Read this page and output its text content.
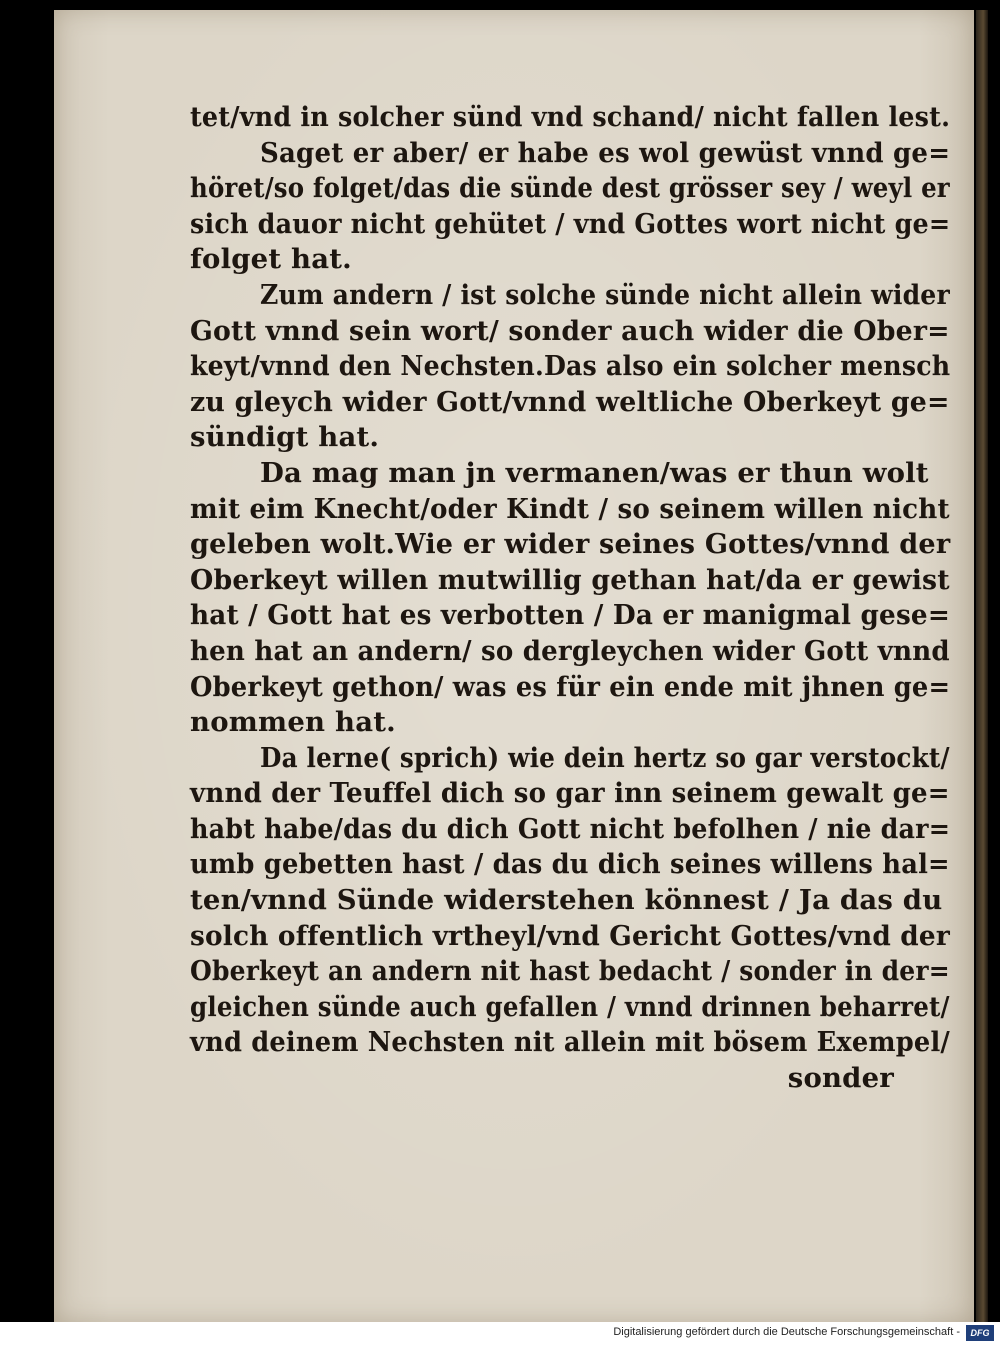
tet/vnd in solcher sünd vnd schand/ nicht fallen lest.
Saget er aber/ er habe es wol gewüst vnnd ge=
höret/so folget/das die sünde dest grösser sey / weyl er
sich dauor nicht gehütet / vnd Gottes wort nicht ge=
folget hat.
Zum andern / ist solche sünde nicht allein wider
Gott vnnd sein wort/ sonder auch wider die Ober=
keyt/vnnd den Nechsten.Das also ein solcher mensch
zu gleych wider Gott/vnnd weltliche Oberkeyt ge=
sündigt hat.
Da mag man jn vermanen/was er thun wolt
mit eim Knecht/oder Kindt / so seinem willen nicht
geleben wolt.Wie er wider seines Gottes/vnnd der
Oberkeyt willen mutwillig gethan hat/da er gewist
hat / Gott hat es verbotten / Da er manigmal gese=
hen hat an andern/ so dergleychen wider Gott vnnd
Oberkeyt gethon/ was es für ein ende mit jhnen ge=
nommen hat.
Da lerne( sprich) wie dein hertz so gar verstockt/
vnnd der Teuffel dich so gar inn seinem gewalt ge=
habt habe/das du dich Gott nicht befolhen / nie dar=
umb gebetten hast / das du dich seines willens hal=
ten/vnnd Sünde widerstehen könnest / Ja das du
solch offentlich vrtheyl/vnd Gericht Gottes/vnd der
Oberkeyt an andern nit hast bedacht / sonder in der=
gleichen sünde auch gefallen / vnnd drinnen beharret/
vnd deinem Nechsten nit allein mit bösem Exempel/
sonder
Digitalisierung gefördert durch die Deutsche Forschungsgemeinschaft -	DFG
